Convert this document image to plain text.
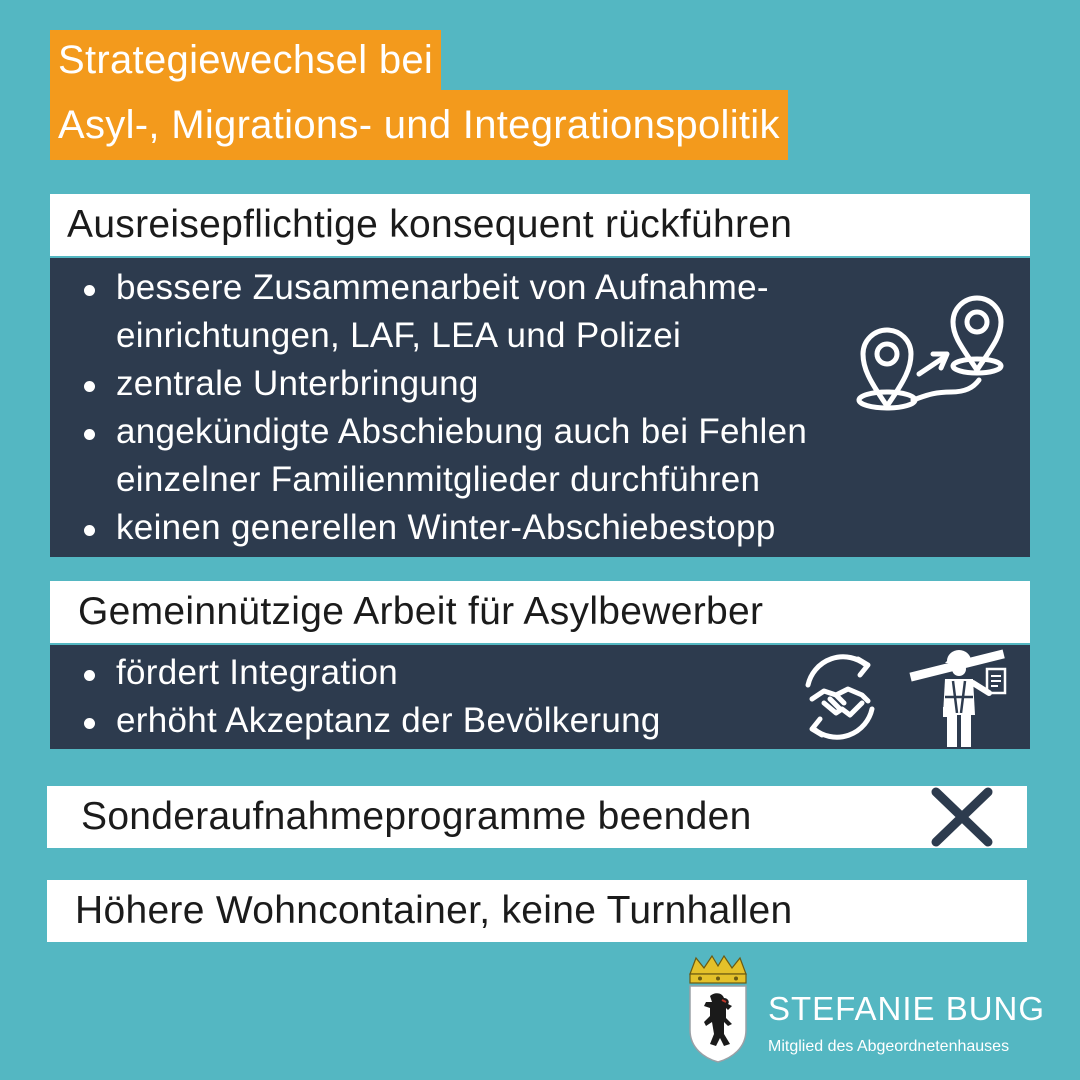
Strategiewechsel bei
Asyl-, Migrations- und Integrationspolitik
Ausreisepflichtige konsequent rückführen
bessere Zusammenarbeit von Aufnahme-
einrichtungen, LAF, LEA und Polizei
zentrale Unterbringung
angekündigte Abschiebung auch bei Fehlen
einzelner Familienmitglieder durchführen
keinen generellen Winter-Abschiebestopp
Gemeinnützige Arbeit für Asylbewerber
fördert Integration
erhöht Akzeptanz der Bevölkerung
Sonderaufnahmeprogramme beenden
Höhere Wohncontainer, keine Turnhallen
STEFANIE BUNG
Mitglied des Abgeordnetenhauses
